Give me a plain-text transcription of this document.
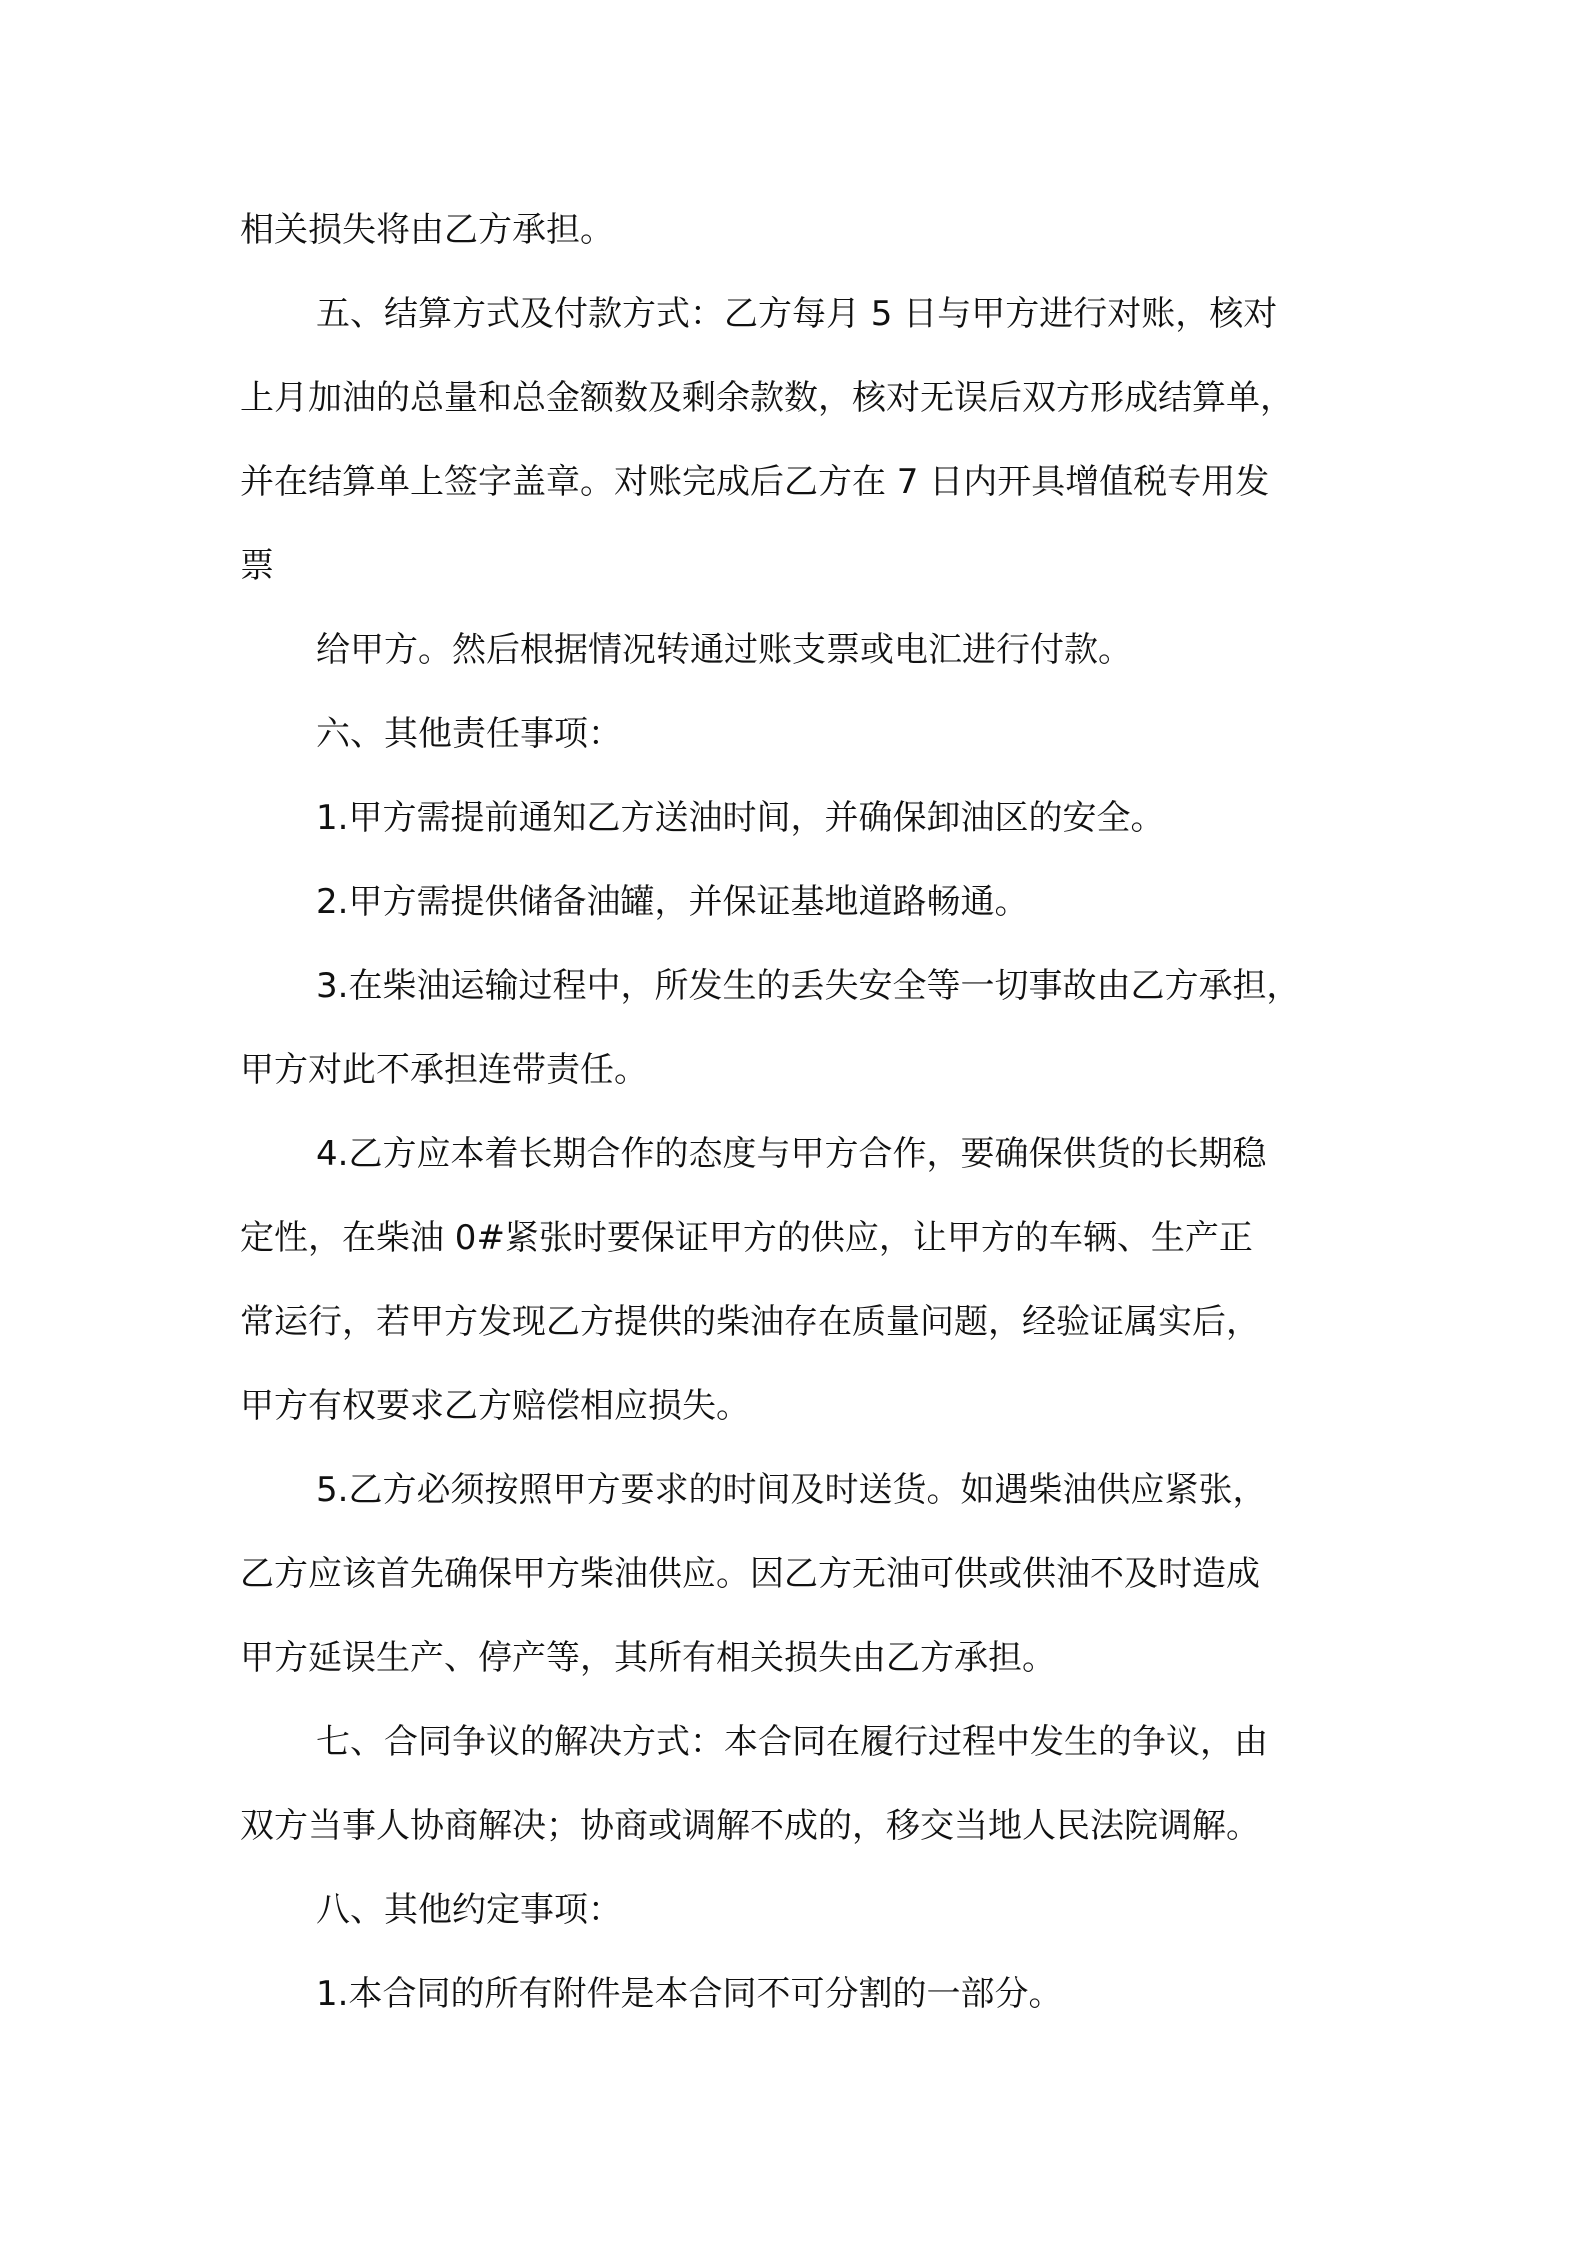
相关损失将由乙方承担。
五、结算方式及付款方式：乙方每月 5 日与甲方进行对账，核对
上月加油的总量和总金额数及剩余款数，核对无误后双方形成结算单，
并在结算单上签字盖章。对账完成后乙方在 7 日内开具增值税专用发
票
给甲方。然后根据情况转通过账支票或电汇进行付款。
六、其他责任事项：
1.甲方需提前通知乙方送油时间，并确保卸油区的安全。
2.甲方需提供储备油罐，并保证基地道路畅通。
3.在柴油运输过程中，所发生的丢失安全等一切事故由乙方承担，
甲方对此不承担连带责任。
4.乙方应本着长期合作的态度与甲方合作，要确保供货的长期稳
定性，在柴油 0#紧张时要保证甲方的供应，让甲方的车辆、生产正
常运行，若甲方发现乙方提供的柴油存在质量问题，经验证属实后，
甲方有权要求乙方赔偿相应损失。
5.乙方必须按照甲方要求的时间及时送货。如遇柴油供应紧张，
乙方应该首先确保甲方柴油供应。因乙方无油可供或供油不及时造成
甲方延误生产、停产等，其所有相关损失由乙方承担。
七、合同争议的解决方式：本合同在履行过程中发生的争议，由
双方当事人协商解决；协商或调解不成的，移交当地人民法院调解。
八、其他约定事项：
1.本合同的所有附件是本合同不可分割的一部分。
